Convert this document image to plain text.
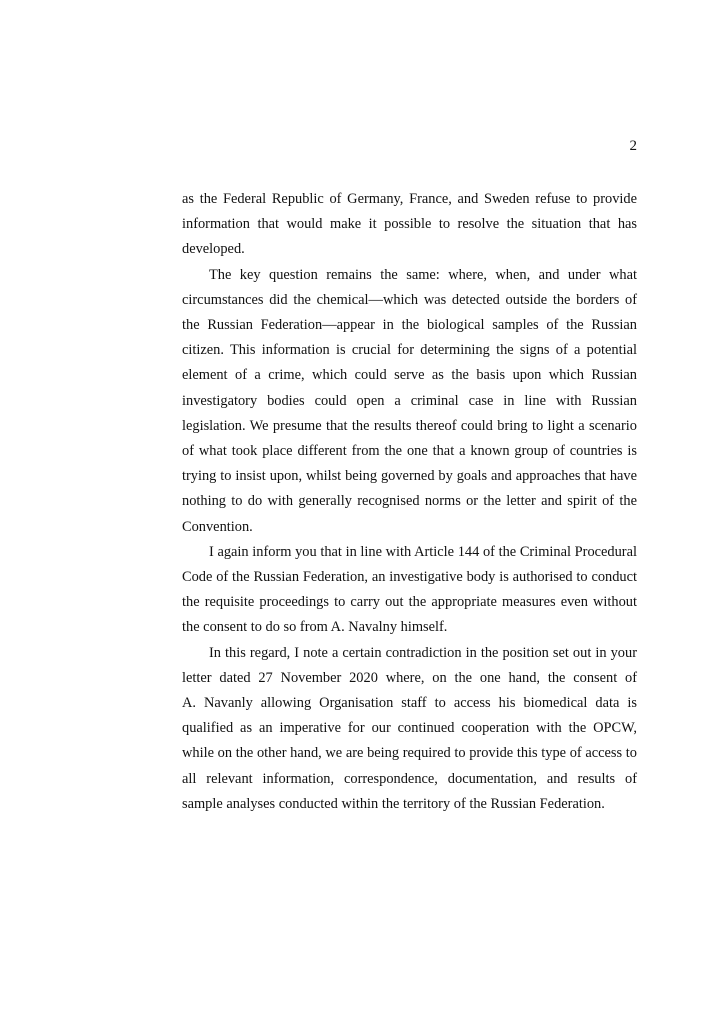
2

as the Federal Republic of Germany, France, and Sweden refuse to provide information that would make it possible to resolve the situation that has developed.

The key question remains the same: where, when, and under what circumstances did the chemical—which was detected outside the borders of the Russian Federation—appear in the biological samples of the Russian citizen. This information is crucial for determining the signs of a potential element of a crime, which could serve as the basis upon which Russian investigatory bodies could open a criminal case in line with Russian legislation. We presume that the results thereof could bring to light a scenario of what took place different from the one that a known group of countries is trying to insist upon, whilst being governed by goals and approaches that have nothing to do with generally recognised norms or the letter and spirit of the Convention.

I again inform you that in line with Article 144 of the Criminal Procedural Code of the Russian Federation, an investigative body is authorised to conduct the requisite proceedings to carry out the appropriate measures even without the consent to do so from A. Navalny himself.

In this regard, I note a certain contradiction in the position set out in your letter dated 27 November 2020 where, on the one hand, the consent of A. Navanly allowing Organisation staff to access his biomedical data is qualified as an imperative for our continued cooperation with the OPCW, while on the other hand, we are being required to provide this type of access to all relevant information, correspondence, documentation, and results of sample analyses conducted within the territory of the Russian Federation.
